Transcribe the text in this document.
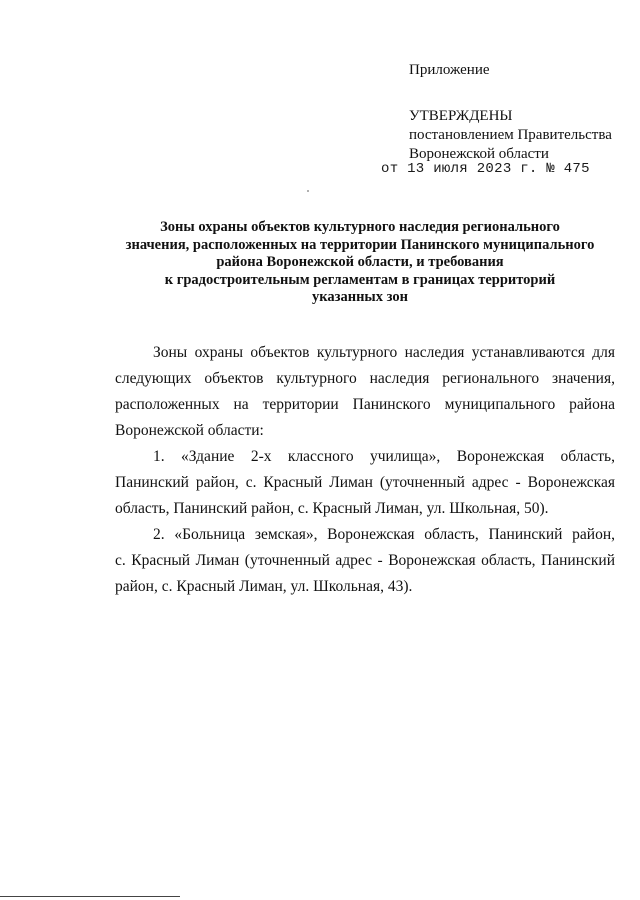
Приложение
УТВЕРЖДЕНЫ
постановлением Правительства
Воронежской области
от 13 июля 2023 г. № 475
Зоны охраны объектов культурного наследия регионального
значения, расположенных на территории Панинского муниципального
района Воронежской области, и требования
к градостроительным регламентам в границах территорий
указанных зон
Зоны охраны объектов культурного наследия устанавливаются для
следующих объектов культурного наследия регионального значения,
расположенных на территории Панинского муниципального района
Воронежской области:
1. «Здание 2-х классного училища», Воронежская область,
Панинский район, с. Красный Лиман (уточненный адрес - Воронежская
область, Панинский район, с. Красный Лиман, ул. Школьная, 50).
2. «Больница земская», Воронежская область, Панинский район,
с. Красный Лиман (уточненный адрес - Воронежская область, Панинский
район, с. Красный Лиман, ул. Школьная, 43).
